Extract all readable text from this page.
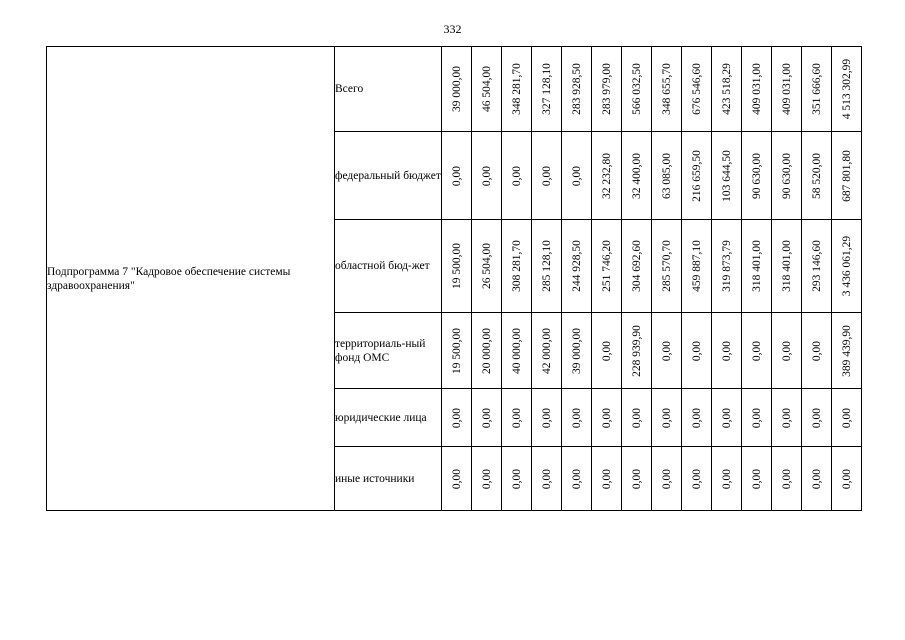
332
Подпрограмма 7 "Кадровое обеспечение системы здравоохранения"	Всего	39 000,00	46 504,00	348 281,70	327 128,10	283 928,50	283 979,00	566 032,50	348 655,70	676 546,60	423 518,29	409 031,00	409 031,00	351 666,60	4 513 302,99

	федеральный бюджет	0,00	0,00	0,00	0,00	0,00	32 232,80	32 400,00	63 085,00	216 659,50	103 644,50	90 630,00	90 630,00	58 520,00	687 801,80

	областной бюд-жет	19 500,00	26 504,00	308 281,70	285 128,10	244 928,50	251 746,20	304 692,60	285 570,70	459 887,10	319 873,79	318 401,00	318 401,00	293 146,60	3 436 061,29

	территориаль-ный фонд ОМС	19 500,00	20 000,00	40 000,00	42 000,00	39 000,00	0,00	228 939,90	0,00	0,00	0,00	0,00	0,00	0,00	389 439,90

	юридические лица	0,00	0,00	0,00	0,00	0,00	0,00	0,00	0,00	0,00	0,00	0,00	0,00	0,00	0,00

	иные источники	0,00	0,00	0,00	0,00	0,00	0,00	0,00	0,00	0,00	0,00	0,00	0,00	0,00	0,00
